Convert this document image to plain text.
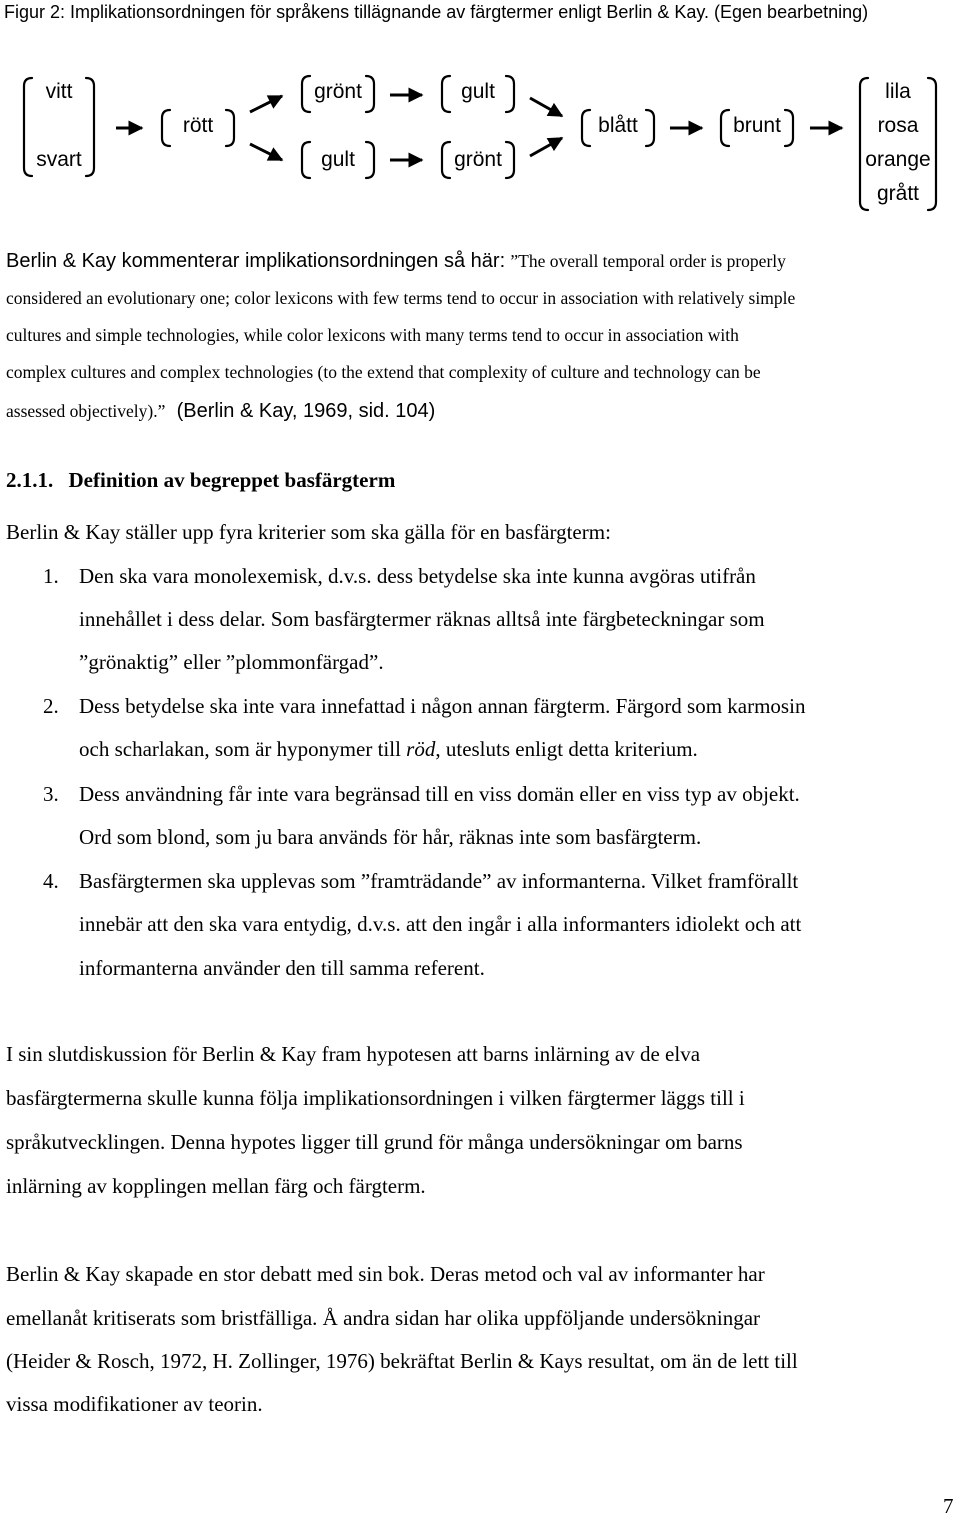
Figur 2: Implikationsordningen för språkens tillägnande av färgtermer enligt Berlin & Kay. (Egen bearbetning)
vitt
svart
rött
grönt
gult
gult
grönt
blått	brunt
lila
rosa
orange
grått
Berlin & Kay kommenterar implikationsordningen så här: ”The overall temporal order is properly
considered an evolutionary one; color lexicons with few terms tend to occur in association with relatively simple
cultures and simple technologies, while color lexicons with many terms tend to occur in association with
complex cultures and complex technologies (to the extend that complexity of culture and technology can be
assessed objectively).” (Berlin & Kay, 1969, sid. 104)
2.1.1. Definition av begreppet basfärgterm
Berlin & Kay ställer upp fyra kriterier som ska gälla för en basfärgterm:
1. Den ska vara monolexemisk, d.v.s. dess betydelse ska inte kunna avgöras utifrån
innehållet i dess delar. Som basfärgtermer räknas alltså inte färgbeteckningar som
”grönaktig” eller ”plommonfärgad”.
2. Dess betydelse ska inte vara innefattad i någon annan färgterm. Färgord som karmosin
och scharlakan, som är hyponymer till röd, utesluts enligt detta kriterium.
3. Dess användning får inte vara begränsad till en viss domän eller en viss typ av objekt.
Ord som blond, som ju bara används för hår, räknas inte som basfärgterm.
4. Basfärgtermen ska upplevas som ”framträdande” av informanterna. Vilket framförallt
innebär att den ska vara entydig, d.v.s. att den ingår i alla informanters idiolekt och att
informanterna använder den till samma referent.
I sin slutdiskussion för Berlin & Kay fram hypotesen att barns inlärning av de elva
basfärgtermerna skulle kunna följa implikationsordningen i vilken färgtermer läggs till i
språkutvecklingen. Denna hypotes ligger till grund för många undersökningar om barns
inlärning av kopplingen mellan färg och färgterm.
Berlin & Kay skapade en stor debatt med sin bok. Deras metod och val av informanter har
emellanåt kritiserats som bristfälliga. Å andra sidan har olika uppföljande undersökningar
(Heider & Rosch, 1972, H. Zollinger, 1976) bekräftat Berlin & Kays resultat, om än de lett till
vissa modifikationer av teorin.
7
